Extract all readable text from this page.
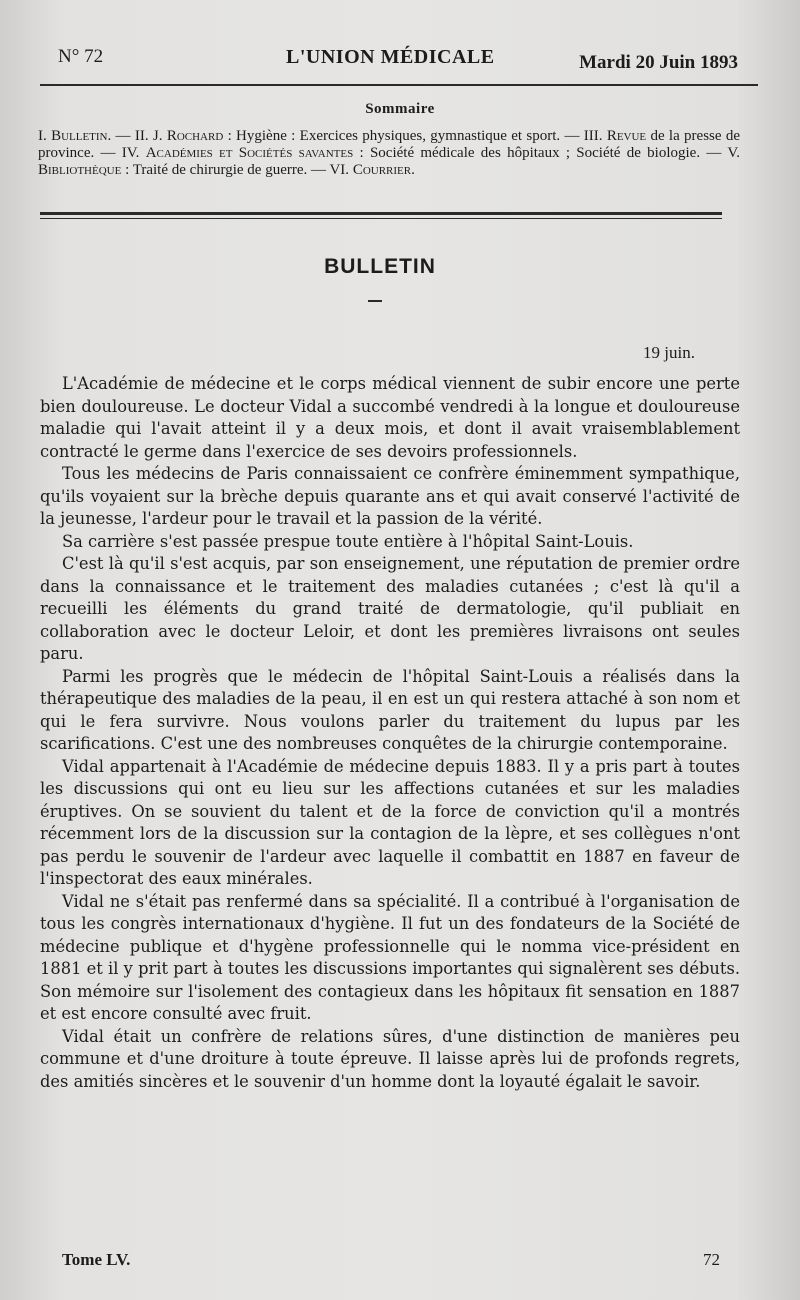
N° 72	L'UNION MÉDICALE	Mardi 20 Juin 1893
Sommaire
I. Bulletin. — II. J. Rochard : Hygiène : Exercices physiques, gymnastique et sport. — III. Revue de la presse de province. — IV. Académies et Sociétés savantes : Société médicale des hôpitaux ; Société de biologie. — V. Bibliothèque : Traité de chirurgie de guerre. — VI. Courrier.
BULLETIN
19 juin.

L'Académie de médecine et le corps médical viennent de subir encore une perte bien douloureuse. Le docteur Vidal a succombé vendredi à la longue et douloureuse maladie qui l'avait atteint il y a deux mois, et dont il avait vraisemblablement contracté le germe dans l'exercice de ses devoirs professionnels.

Tous les médecins de Paris connaissaient ce confrère éminemment sympathique, qu'ils voyaient sur la brèche depuis quarante ans et qui avait conservé l'activité de la jeunesse, l'ardeur pour le travail et la passion de la vérité.

Sa carrière s'est passée prespue toute entière à l'hôpital Saint-Louis.

C'est là qu'il s'est acquis, par son enseignement, une réputation de premier ordre dans la connaissance et le traitement des maladies cutanées ; c'est là qu'il a recueilli les éléments du grand traité de dermatologie, qu'il publiait en collaboration avec le docteur Leloir, et dont les premières livraisons ont seules paru.

Parmi les progrès que le médecin de l'hôpital Saint-Louis a réalisés dans la thérapeutique des maladies de la peau, il en est un qui restera attaché à son nom et qui le fera survivre. Nous voulons parler du traitement du lupus par les scarifications. C'est une des nombreuses conquêtes de la chirurgie contemporaine.

Vidal appartenait à l'Académie de médecine depuis 1883. Il y a pris part à toutes les discussions qui ont eu lieu sur les affections cutanées et sur les maladies éruptives. On se souvient du talent et de la force de conviction qu'il a montrés récemment lors de la discussion sur la contagion de la lèpre, et ses collègues n'ont pas perdu le souvenir de l'ardeur avec laquelle il combattit en 1887 en faveur de l'inspectorat des eaux minérales.

Vidal ne s'était pas renfermé dans sa spécialité. Il a contribué à l'organisation de tous les congrès internationaux d'hygiène. Il fut un des fondateurs de la Société de médecine publique et d'hygène professionnelle qui le nomma vice-président en 1881 et il y prit part à toutes les discussions importantes qui signalèrent ses débuts. Son mémoire sur l'isolement des contagieux dans les hôpitaux fit sensation en 1887 et est encore consulté avec fruit.

Vidal était un confrère de relations sûres, d'une distinction de manières peu commune et d'une droiture à toute épreuve. Il laisse après lui de profonds regrets, des amitiés sincères et le souvenir d'un homme dont la loyauté égalait le savoir.

Tome LV.	72
